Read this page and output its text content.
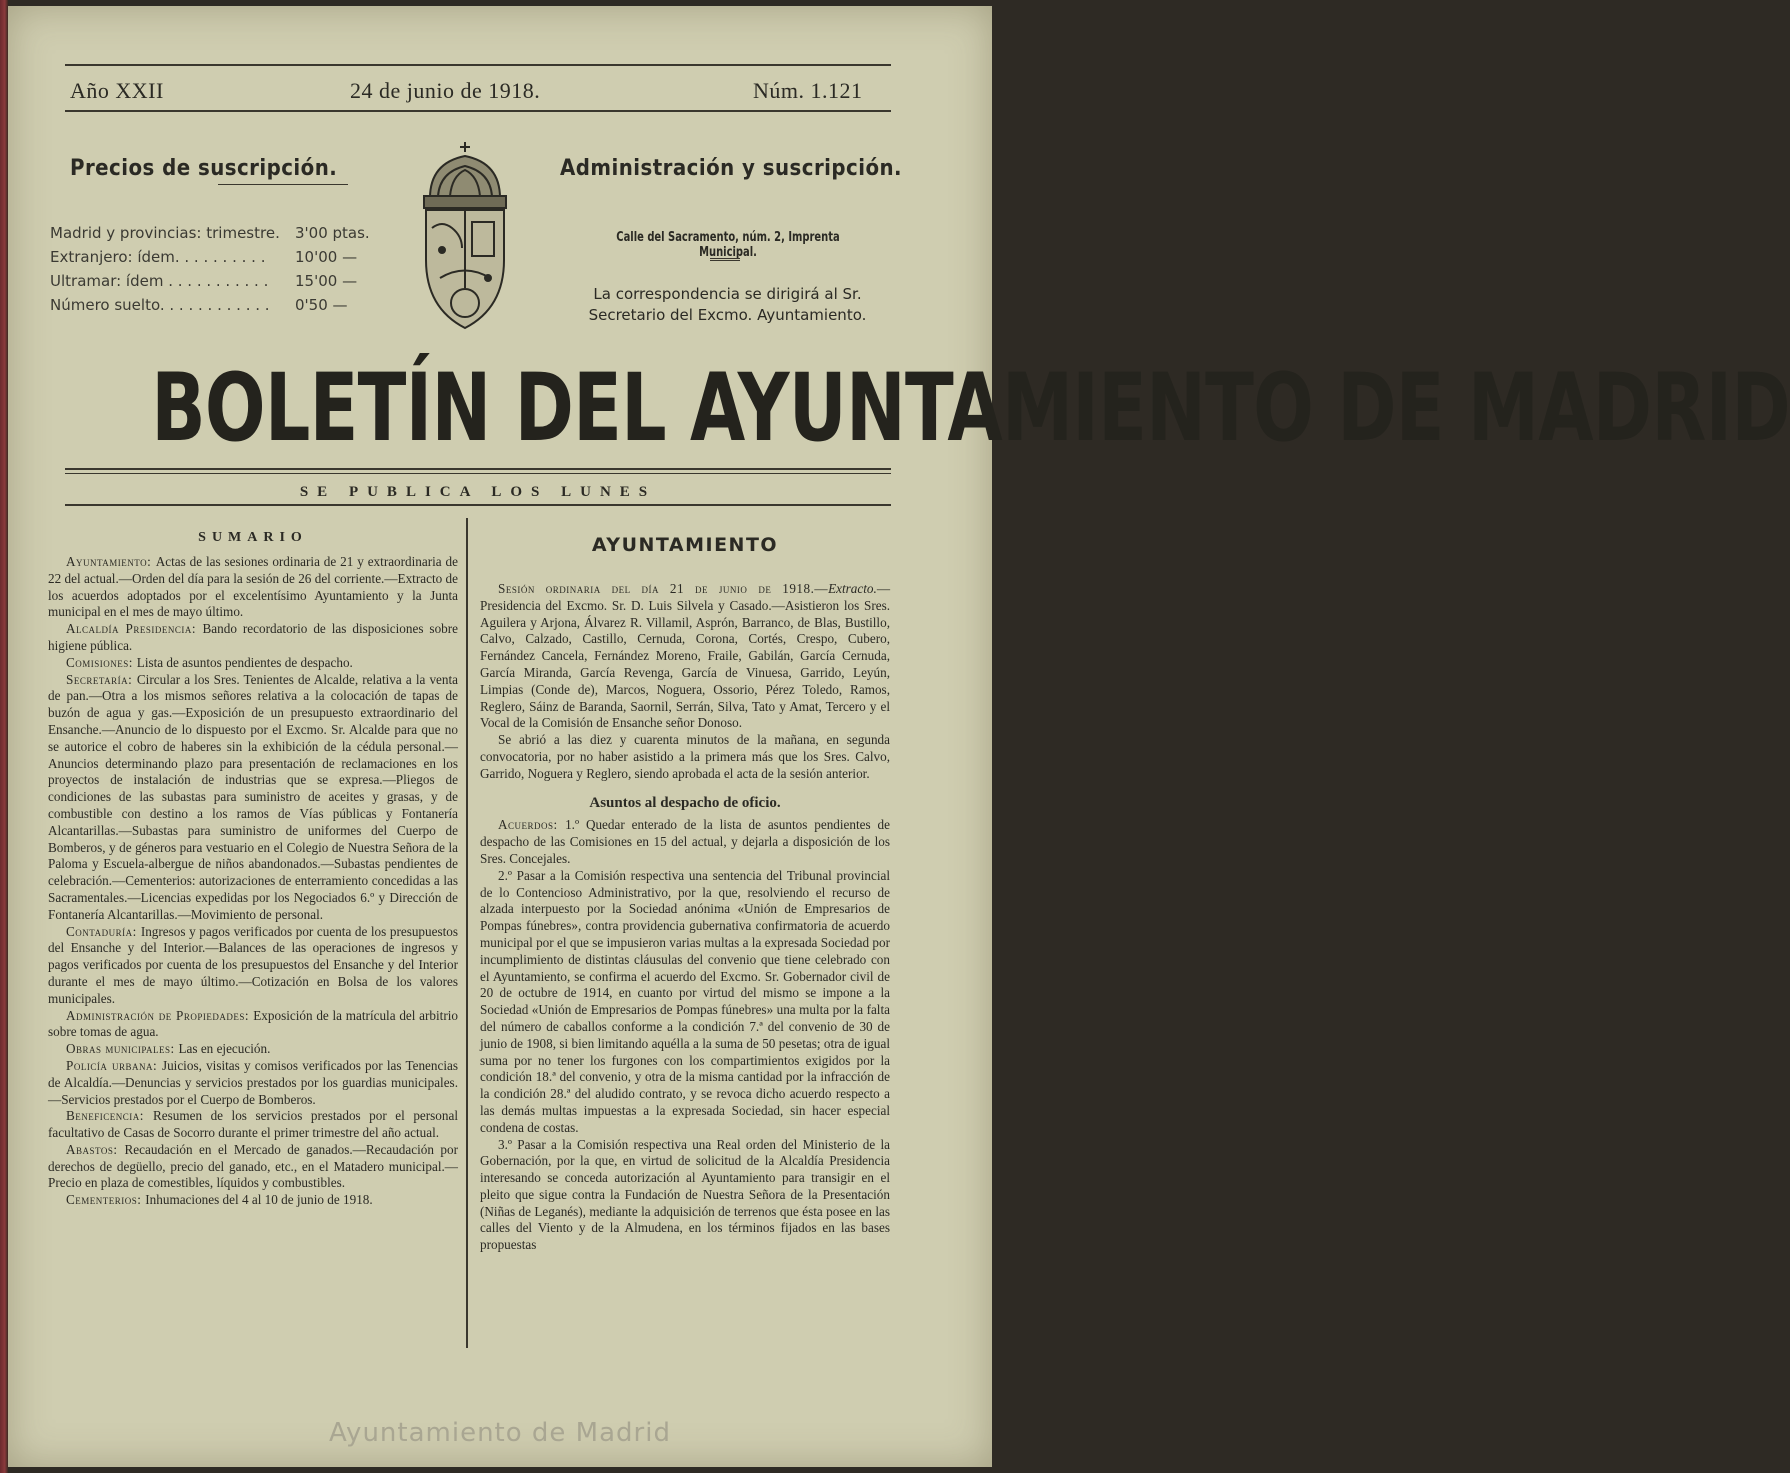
Año XXII	24 de junio de 1918.	Núm. 1.121
Precios de suscripción.
Madrid y provincias: trimestre. 3'00 ptas.
Extranjero: ídem. . . . . . . . . . 10'00 —
Ultramar: ídem . . . . . . . . . . . 15'00 —
Número suelto. . . . . . . . . . . . 0'50 —
Administración y suscripción.
Calle del Sacramento, núm. 2, Imprenta Municipal.
La correspondencia se dirigirá al Sr. Secretario del Excmo. Ayuntamiento.
BOLETÍN DEL AYUNTAMIENTO DE MADRID
SE PUBLICA LOS LUNES
SUMARIO

Ayuntamiento: Actas de las sesiones ordinaria de 21 y extraordinaria de 22 del actual.—Orden del día para la sesión de 26 del corriente.—Extracto de los acuerdos adoptados por el excelentísimo Ayuntamiento y la Junta municipal en el mes de mayo último.

Alcaldía Presidencia: Bando recordatorio de las disposiciones sobre higiene pública.

Comisiones: Lista de asuntos pendientes de despacho.

Secretaría: Circular a los Sres. Tenientes de Alcalde, relativa a la venta de pan.—Otra a los mismos señores relativa a la colocación de tapas de buzón de agua y gas.—Exposición de un presupuesto extraordinario del Ensanche.—Anuncio de lo dispuesto por el Excmo. Sr. Alcalde para que no se autorice el cobro de haberes sin la exhibición de la cédula personal.—Anuncios determinando plazo para presentación de reclamaciones en los proyectos de instalación de industrias que se expresa.—Pliegos de condiciones de las subastas para suministro de aceites y grasas, y de combustible con destino a los ramos de Vías públicas y Fontanería Alcantarillas.—Subastas para suministro de uniformes del Cuerpo de Bomberos, y de géneros para vestuario en el Colegio de Nuestra Señora de la Paloma y Escuela-albergue de niños abandonados.—Subastas pendientes de celebración.—Cementerios: autorizaciones de enterramiento concedidas a las Sacramentales.—Licencias expedidas por los Negociados 6.º y Dirección de Fontanería Alcantarillas.—Movimiento de personal.

Contaduría: Ingresos y pagos verificados por cuenta de los presupuestos del Ensanche y del Interior.—Balances de las operaciones de ingresos y pagos verificados por cuenta de los presupuestos del Ensanche y del Interior durante el mes de mayo último.—Cotización en Bolsa de los valores municipales.

Administración de Propiedades: Exposición de la matrícula del arbitrio sobre tomas de agua.

Obras municipales: Las en ejecución.

Policía urbana: Juicios, visitas y comisos verificados por las Tenencias de Alcaldía.—Denuncias y servicios prestados por los guardias municipales.—Servicios prestados por el Cuerpo de Bomberos.

Beneficencia: Resumen de los servicios prestados por el personal facultativo de Casas de Socorro durante el primer trimestre del año actual.

Abastos: Recaudación en el Mercado de ganados.—Recaudación por derechos de degüello, precio del ganado, etc., en el Matadero municipal.—Precio en plaza de comestibles, líquidos y combustibles.

Cementerios: Inhumaciones del 4 al 10 de junio de 1918.

AYUNTAMIENTO

Sesión ordinaria del día 21 de junio de 1918.—Extracto.—Presidencia del Excmo. Sr. D. Luis Silvela y Casado.—Asistieron los Sres. Aguilera y Arjona, Álvarez R. Villamil, Asprón, Barranco, de Blas, Bustillo, Calvo, Calzado, Castillo, Cernuda, Corona, Cortés, Crespo, Cubero, Fernández Cancela, Fernández Moreno, Fraile, Gabilán, García Cernuda, García Miranda, García Revenga, García de Vinuesa, Garrido, Leyún, Limpias (Conde de), Marcos, Noguera, Ossorio, Pérez Toledo, Ramos, Reglero, Sáinz de Baranda, Saornil, Serrán, Silva, Tato y Amat, Tercero y el Vocal de la Comisión de Ensanche señor Donoso.

Se abrió a las diez y cuarenta minutos de la mañana, en segunda convocatoria, por no haber asistido a la primera más que los Sres. Calvo, Garrido, Noguera y Reglero, siendo aprobada el acta de la sesión anterior.

Asuntos al despacho de oficio.

Acuerdos: 1.º Quedar enterado de la lista de asuntos pendientes de despacho de las Comisiones en 15 del actual, y dejarla a disposición de los Sres. Concejales.

2.º Pasar a la Comisión respectiva una sentencia del Tribunal provincial de lo Contencioso Administrativo, por la que, resolviendo el recurso de alzada interpuesto por la Sociedad anónima «Unión de Empresarios de Pompas fúnebres», contra providencia gubernativa confirmatoria de acuerdo municipal por el que se impusieron varias multas a la expresada Sociedad por incumplimiento de distintas cláusulas del convenio que tiene celebrado con el Ayuntamiento, se confirma el acuerdo del Excmo. Sr. Gobernador civil de 20 de octubre de 1914, en cuanto por virtud del mismo se impone a la Sociedad «Unión de Empresarios de Pompas fúnebres» una multa por la falta del número de caballos conforme a la condición 7.ª del convenio de 30 de junio de 1908, si bien limitando aquélla a la suma de 50 pesetas; otra de igual suma por no tener los furgones con los compartimientos exigidos por la condición 18.ª del convenio, y otra de la misma cantidad por la infracción de la condición 28.ª del aludido contrato, y se revoca dicho acuerdo respecto a las demás multas impuestas a la expresada Sociedad, sin hacer especial condena de costas.

3.º Pasar a la Comisión respectiva una Real orden del Ministerio de la Gobernación, por la que, en virtud de solicitud de la Alcaldía Presidencia interesando se conceda autorización al Ayuntamiento para transigir en el pleito que sigue contra la Fundación de Nuestra Señora de la Presentación (Niñas de Leganés), mediante la adquisición de terrenos que ésta posee en las calles del Viento y de la Almudena, en los términos fijados en las bases propuestas

Ayuntamiento de Madrid
